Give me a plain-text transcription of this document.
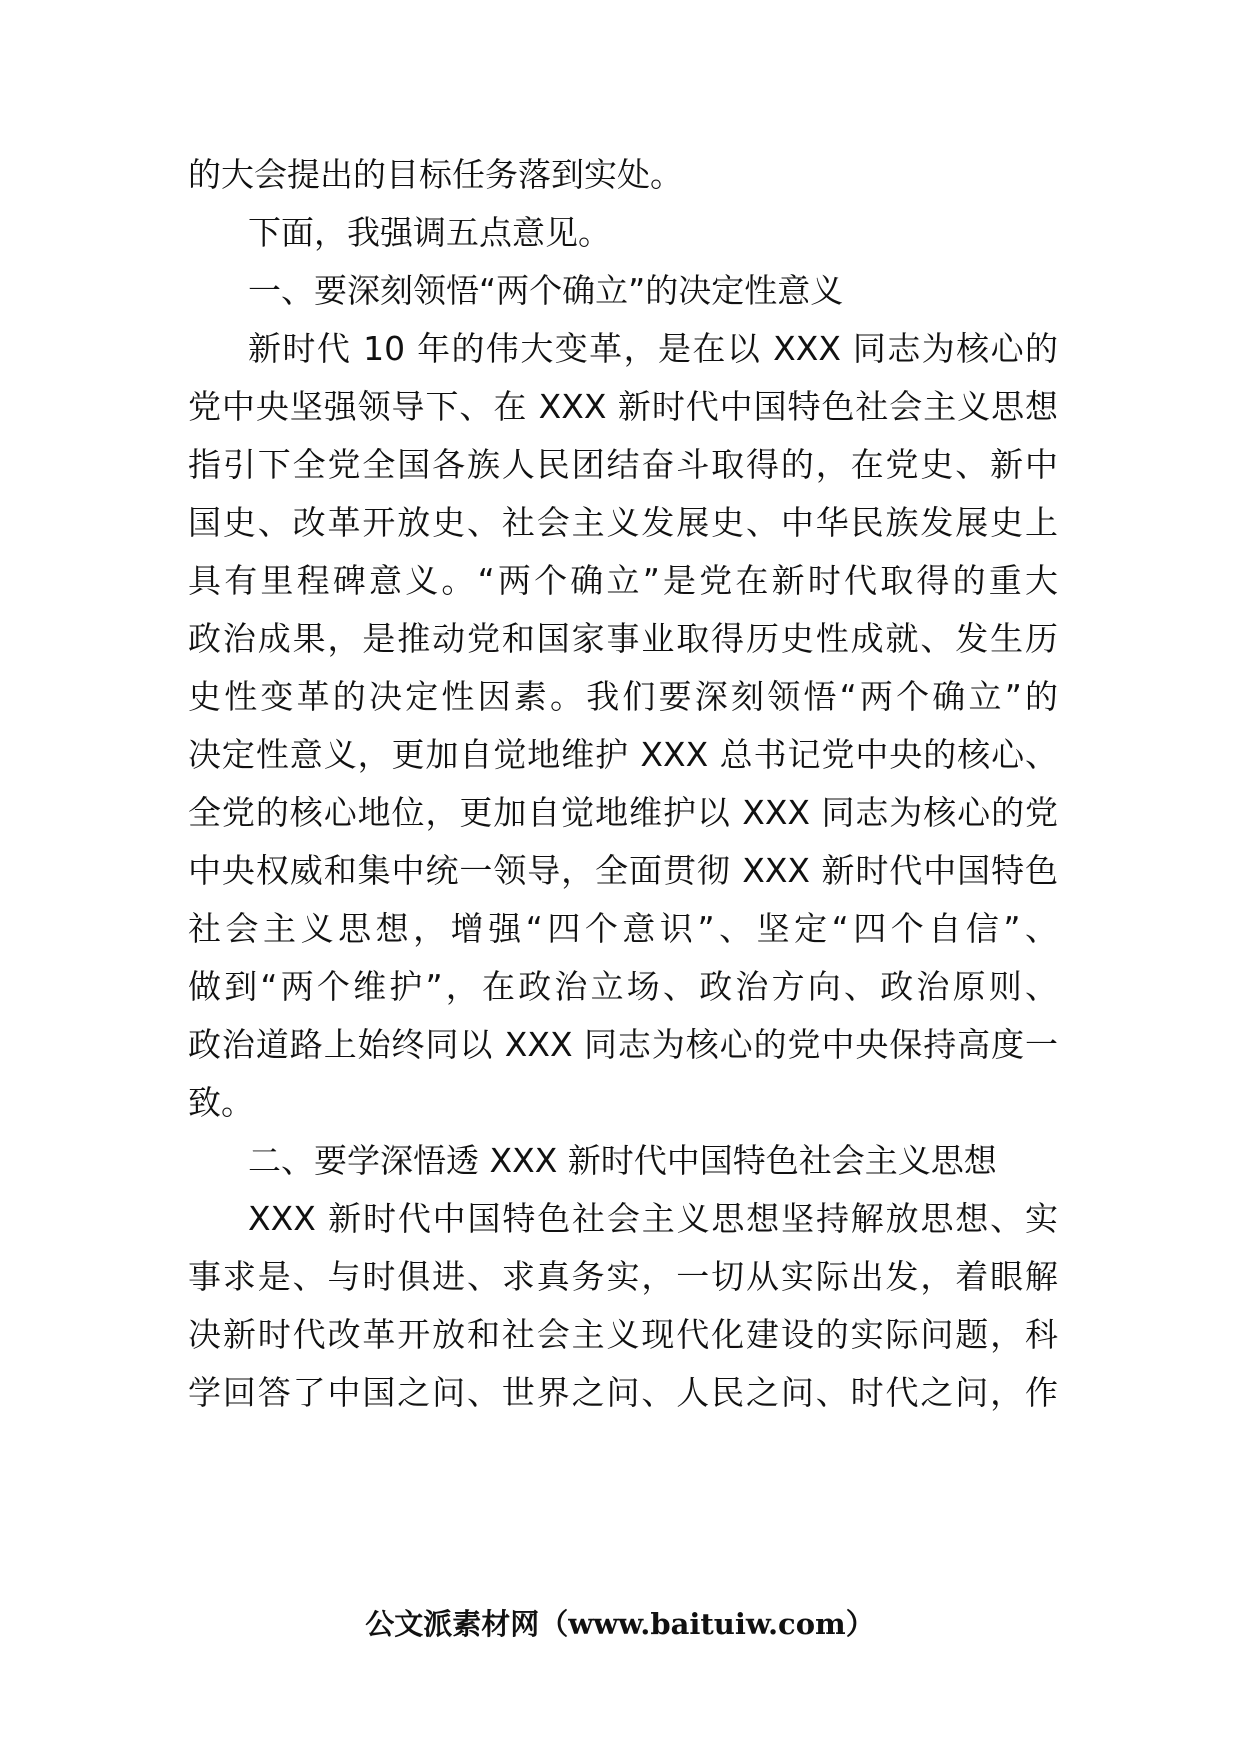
的大会提出的目标任务落到实处。
下面，我强调五点意见。
一、要深刻领悟“两个确立”的决定性意义
新时代 10 年的伟大变革，是在以 XXX 同志为核心的
党中央坚强领导下、在 XXX 新时代中国特色社会主义思想
指引下全党全国各族人民团结奋斗取得的，在党史、新中
国史、改革开放史、社会主义发展史、中华民族发展史上
具有里程碑意义。“两个确立”是党在新时代取得的重大
政治成果，是推动党和国家事业取得历史性成就、发生历
史性变革的决定性因素。我们要深刻领悟“两个确立”的
决定性意义，更加自觉地维护 XXX 总书记党中央的核心、
全党的核心地位，更加自觉地维护以 XXX 同志为核心的党
中央权威和集中统一领导，全面贯彻 XXX 新时代中国特色
社会主义思想，增强“四个意识”、坚定“四个自信”、
做到“两个维护”，在政治立场、政治方向、政治原则、
政治道路上始终同以 XXX 同志为核心的党中央保持高度一
致。
二、要学深悟透 XXX 新时代中国特色社会主义思想
XXX 新时代中国特色社会主义思想坚持解放思想、实
事求是、与时俱进、求真务实，一切从实际出发，着眼解
决新时代改革开放和社会主义现代化建设的实际问题，科
学回答了中国之问、世界之问、人民之问、时代之问，作
公文派素材网（www.baituiw.com）
